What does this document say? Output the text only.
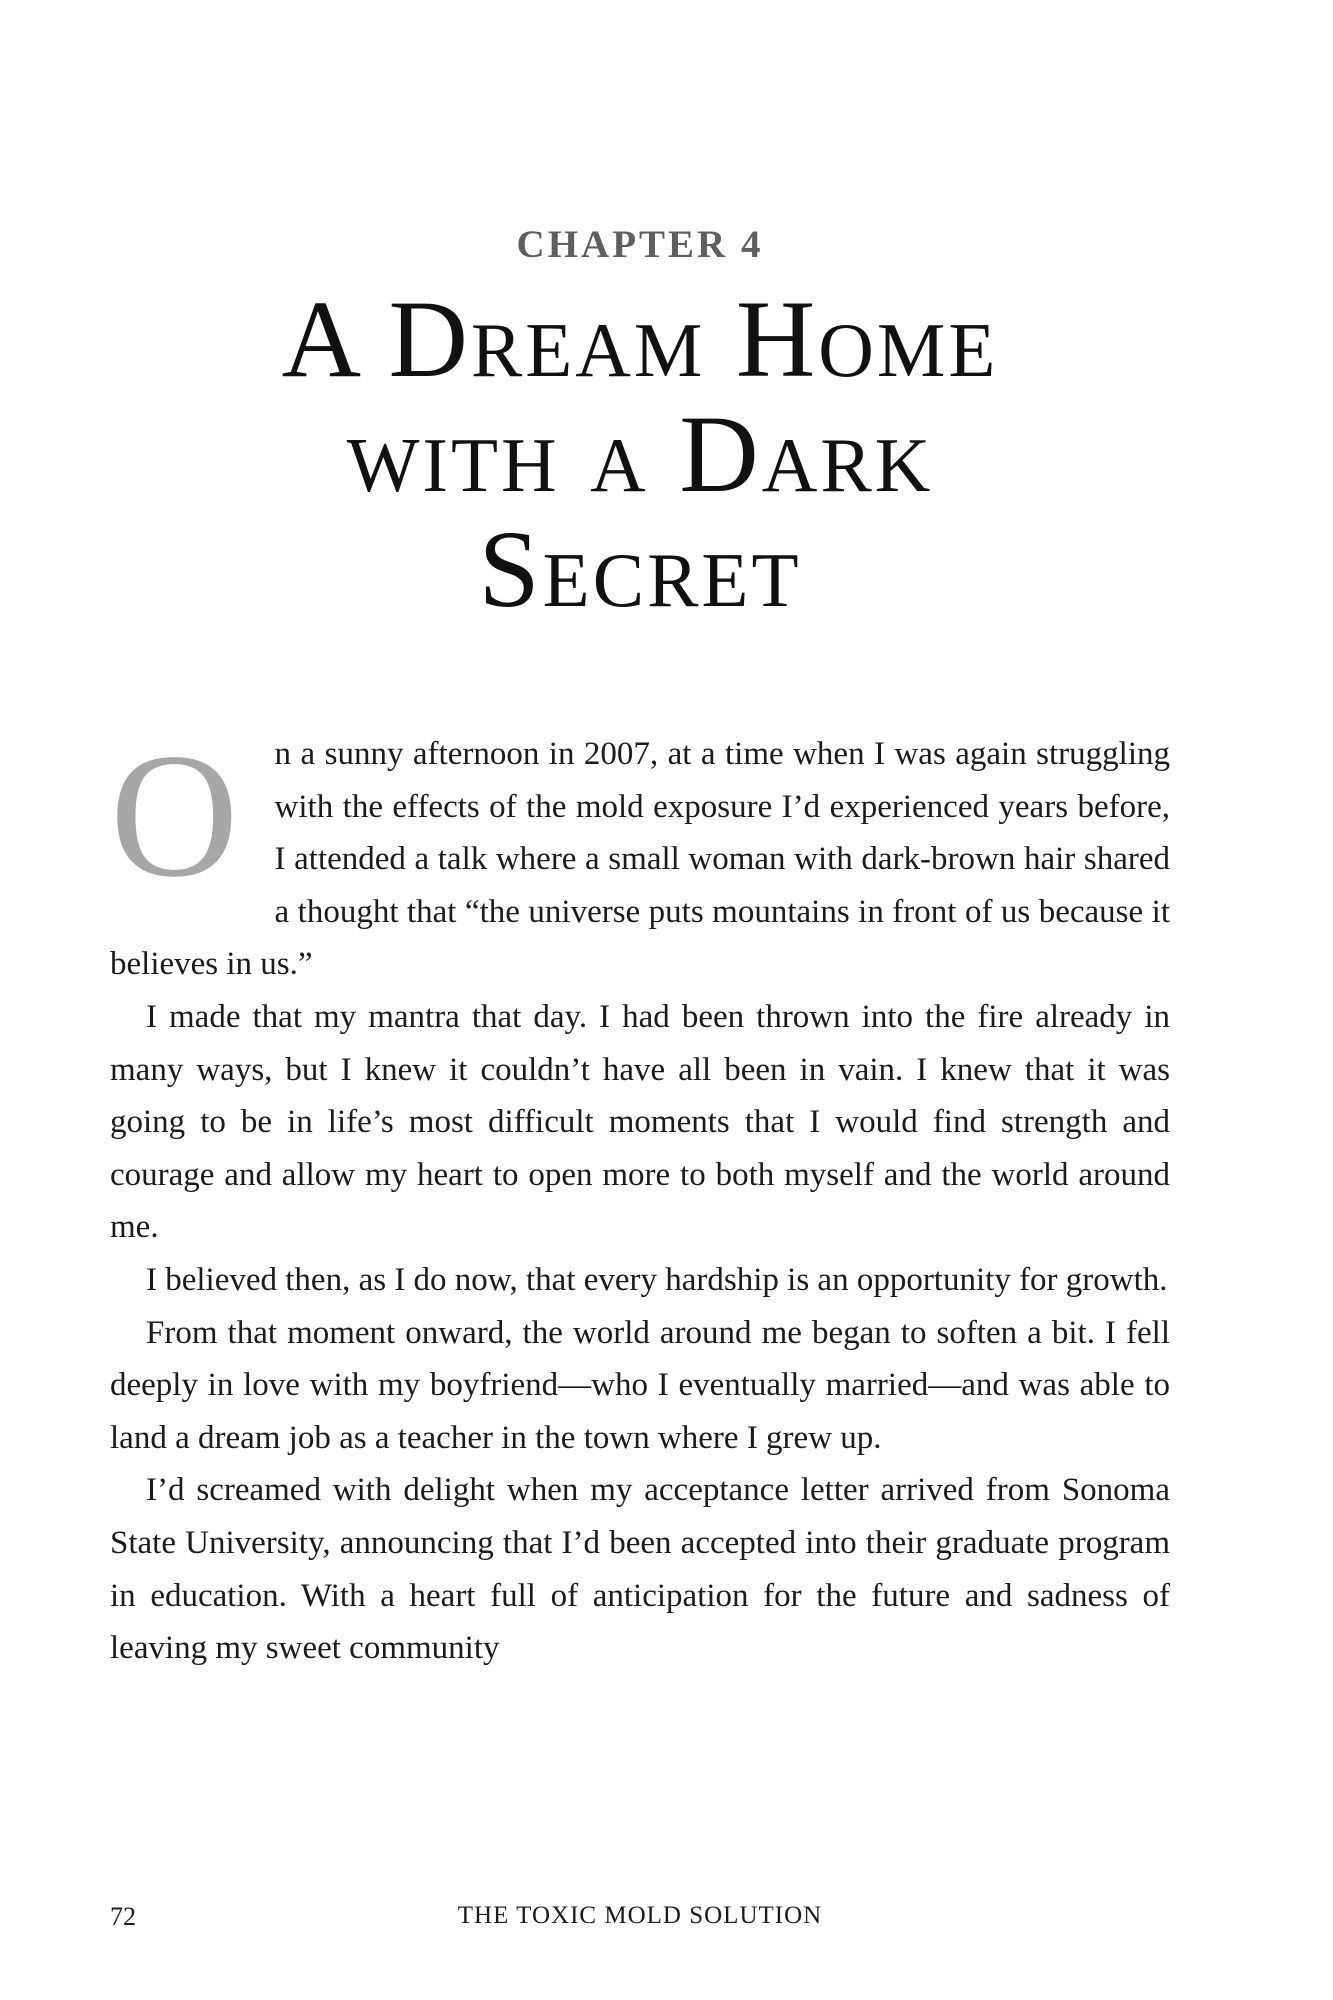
CHAPTER 4
A Dream Home
with a Dark
Secret

O n a sunny afternoon in 2007, at a time when I was again struggling with the effects of the mold exposure I’d experienced years before, I attended a talk where a small woman with dark-brown hair shared a thought that “the universe puts mountains in front of us because it believes in us.”

I made that my mantra that day. I had been thrown into the fire already in many ways, but I knew it couldn’t have all been in vain. I knew that it was going to be in life’s most difficult moments that I would find strength and courage and allow my heart to open more to both myself and the world around me.

I believed then, as I do now, that every hardship is an opportunity for growth.

From that moment onward, the world around me began to soften a bit. I fell deeply in love with my boyfriend—who I eventually married—and was able to land a dream job as a teacher in the town where I grew up.

I’d screamed with delight when my acceptance letter arrived from Sonoma State University, announcing that I’d been accepted into their graduate program in education. With a heart full of anticipation for the future and sadness of leaving my sweet community

72	THE TOXIC MOLD SOLUTION
